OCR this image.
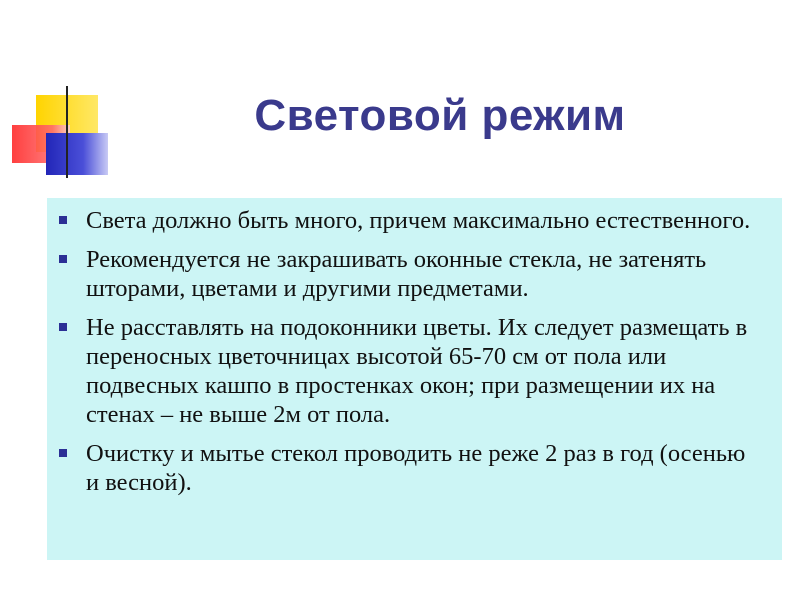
Световой режим
Света должно быть много, причем максимально естественного.
Рекомендуется не закрашивать оконные стекла, не затенять шторами, цветами и другими предметами.
Не расставлять на подоконники цветы. Их следует размещать в переносных цветочницах высотой 65-70 см от пола или подвесных кашпо в простенках окон; при размещении их на стенах – не выше 2м от пола.
Очистку и мытье стекол проводить не реже 2 раз в год (осенью и весной).
